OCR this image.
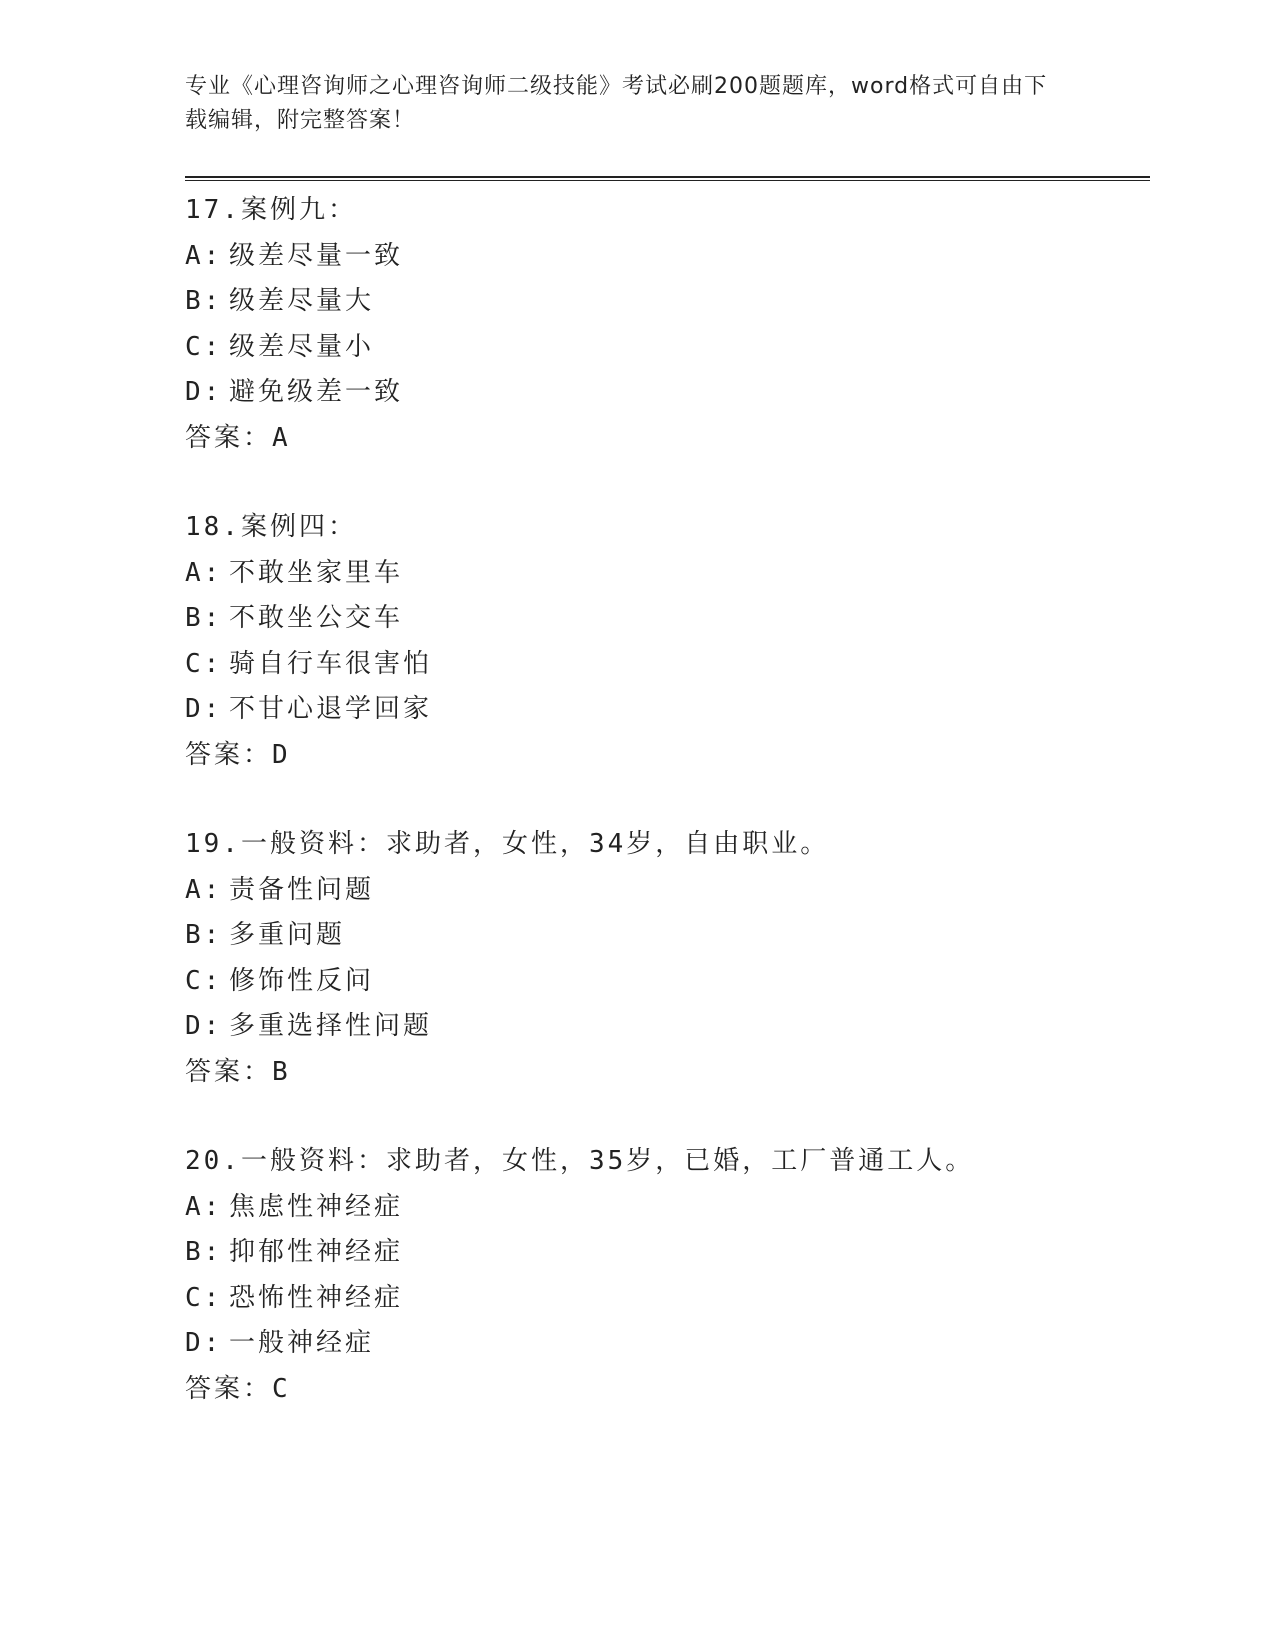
专业《心理咨询师之心理咨询师二级技能》考试必刷200题题库，word格式可自由下载编辑，附完整答案！
17.案例九：
A: 级差尽量一致
B: 级差尽量大
C: 级差尽量小
D: 避免级差一致
答案：A
18.案例四：
A: 不敢坐家里车
B: 不敢坐公交车
C: 骑自行车很害怕
D: 不甘心退学回家
答案：D
19.一般资料：求助者，女性，34岁，自由职业。
A: 责备性问题
B: 多重问题
C: 修饰性反问
D: 多重选择性问题
答案：B
20.一般资料：求助者，女性，35岁，已婚，工厂普通工人。
A: 焦虑性神经症
B: 抑郁性神经症
C: 恐怖性神经症
D: 一般神经症
答案：C
